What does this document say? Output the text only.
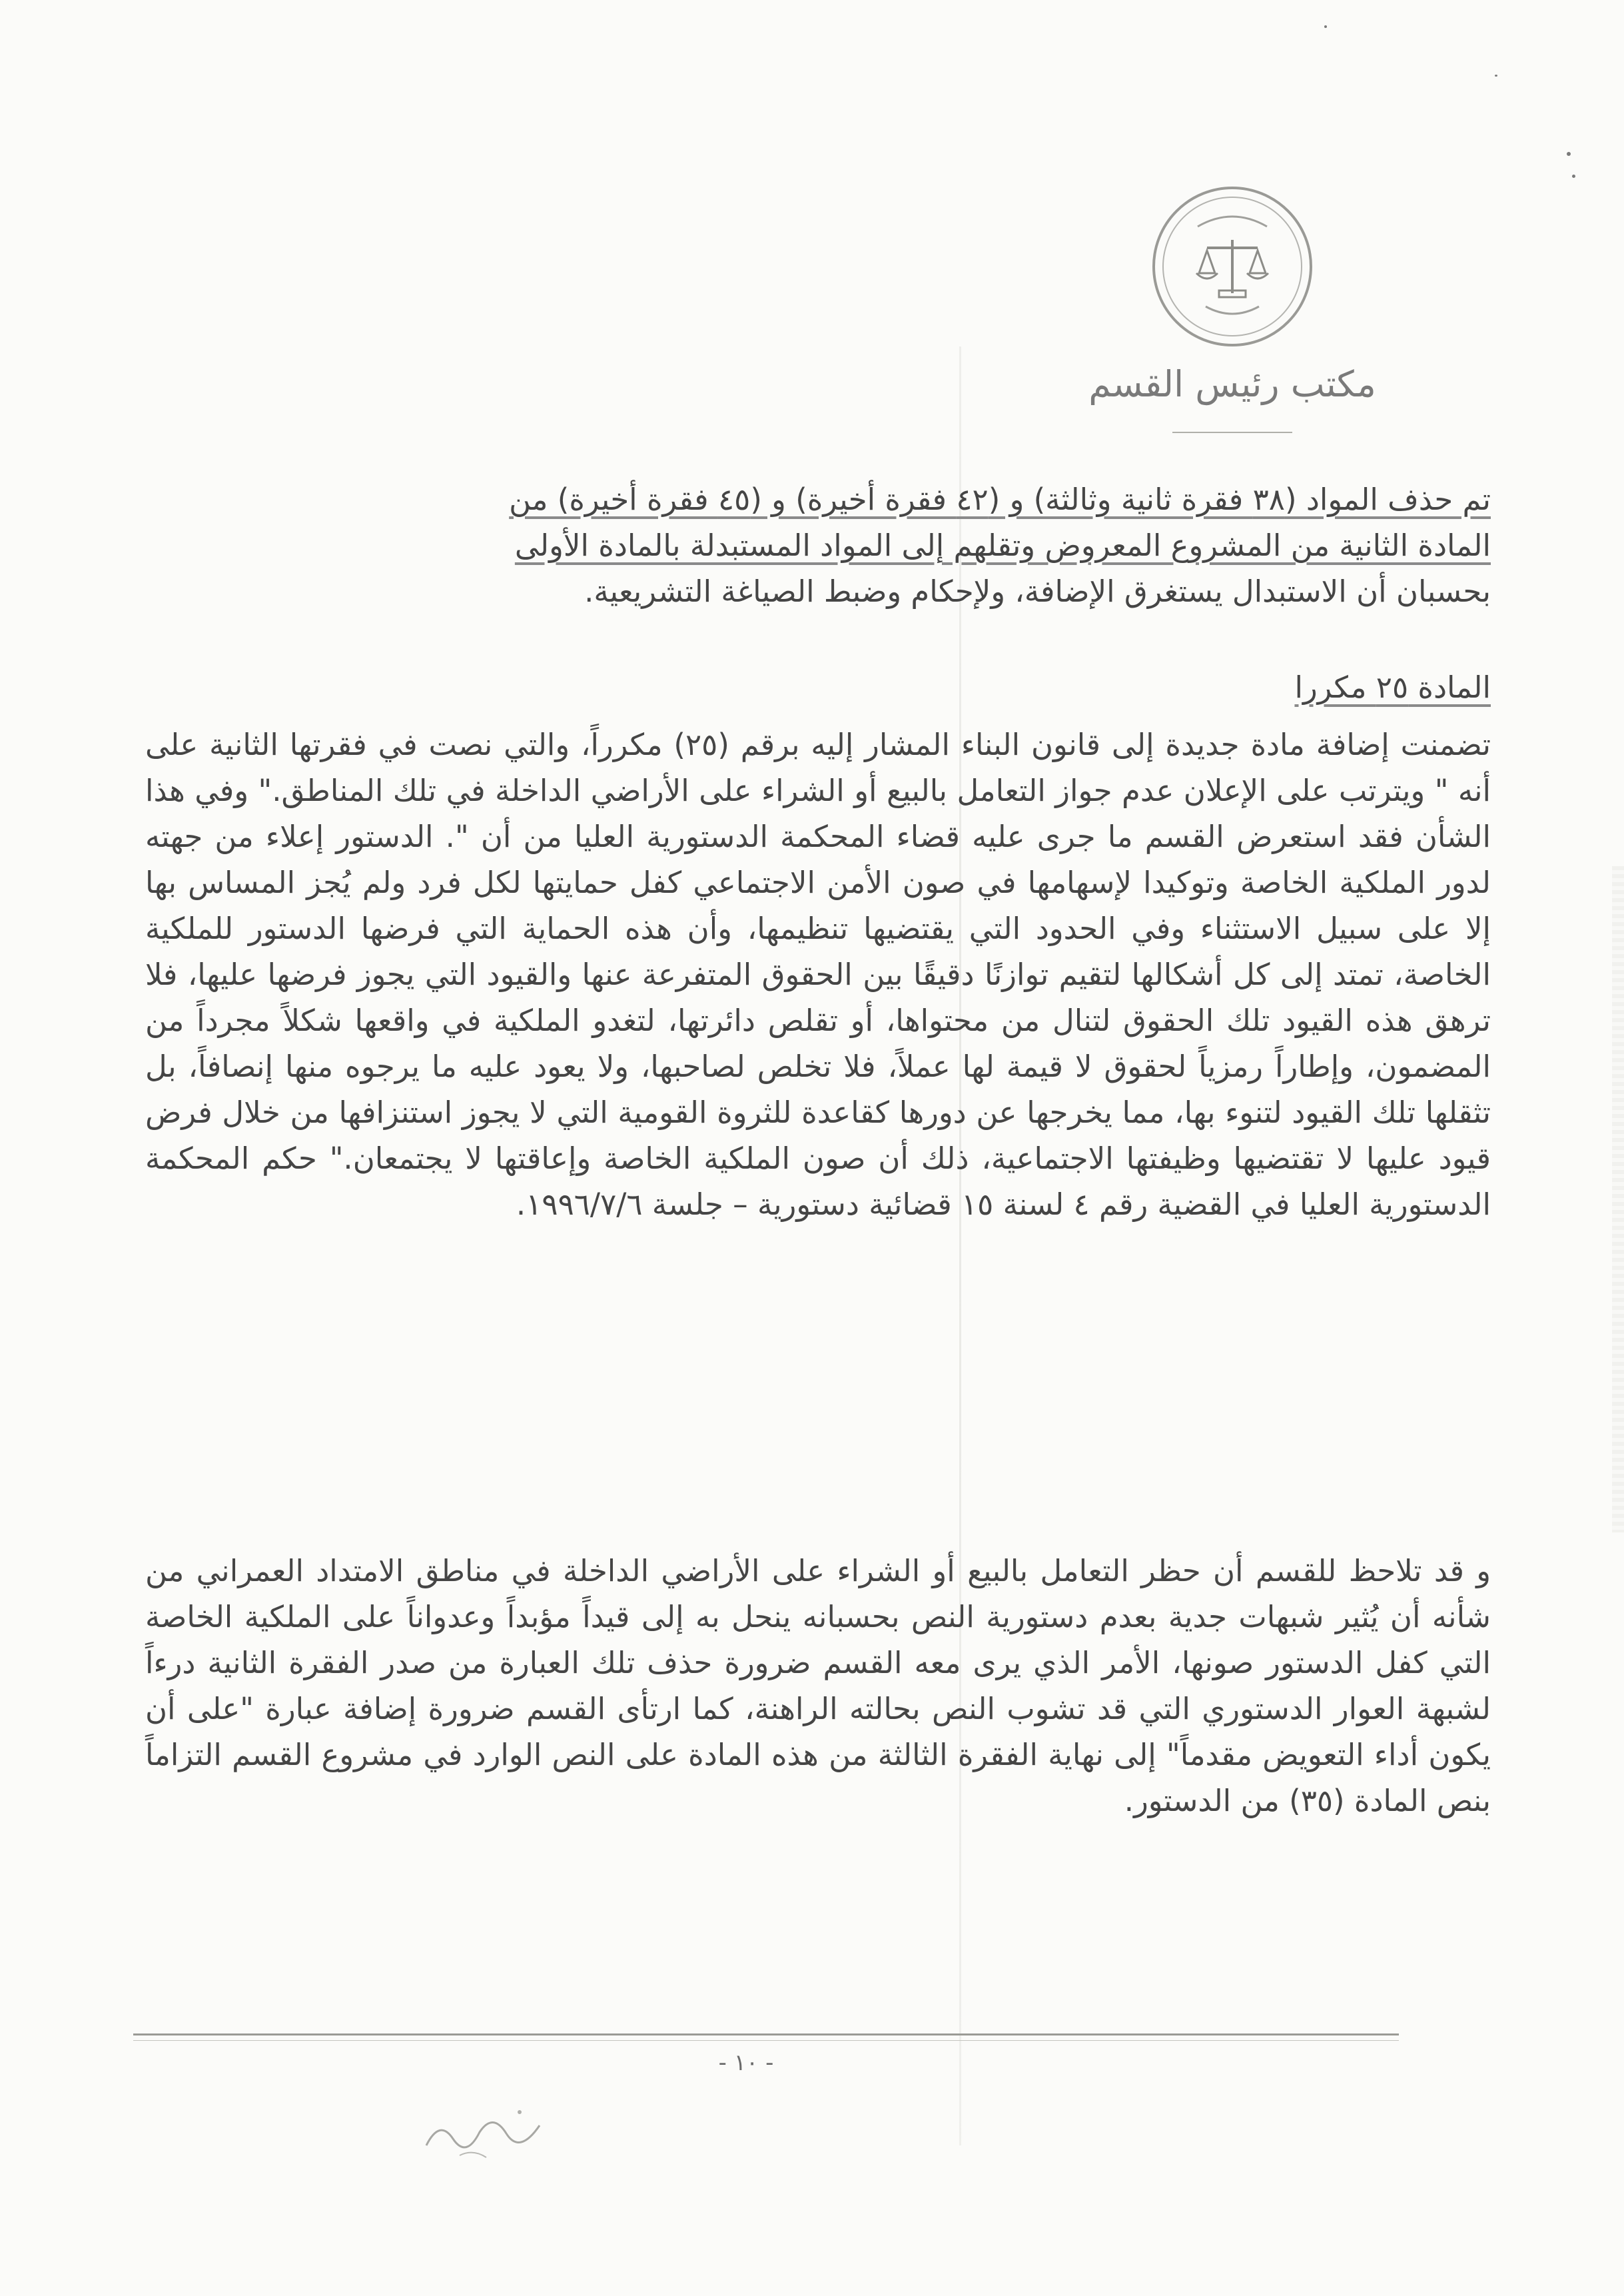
مكتب رئيس القسم
تم حذف المواد (٣٨ فقرة ثانية وثالثة) و (٤٢ فقرة أخيرة) و (٤٥ فقرة أخيرة) من
المادة الثانية من المشروع المعروض وتقلهم إلى المواد المستبدلة بالمادة الأولى
بحسبان أن الاستبدال يستغرق الإضافة، ولإحكام وضبط الصياغة التشريعية.
المادة ٢٥ مكررا
تضمنت إضافة مادة جديدة إلى قانون البناء المشار إليه برقم (٢٥) مكرراً، والتي نصت في فقرتها الثانية على أنه " ويترتب على الإعلان عدم جواز التعامل بالبيع أو الشراء على الأراضي الداخلة في تلك المناطق." وفي هذا الشأن فقد استعرض القسم ما جرى عليه قضاء المحكمة الدستورية العليا من أن ". الدستور إعلاء من جهته لدور الملكية الخاصة وتوكيدا لإسهامها في صون الأمن الاجتماعي كفل حمايتها لكل فرد ولم يُجز المساس بها إلا على سبيل الاستثناء وفي الحدود التي يقتضيها تنظيمها، وأن هذه الحماية التي فرضها الدستور للملكية الخاصة، تمتد إلى كل أشكالها لتقيم توازنًا دقيقًا بين الحقوق المتفرعة عنها والقيود التي يجوز فرضها عليها، فلا ترهق هذه القيود تلك الحقوق لتنال من محتواها، أو تقلص دائرتها، لتغدو الملكية في واقعها شكلاً مجرداً من المضمون، وإطاراً رمزياً لحقوق لا قيمة لها عملاً، فلا تخلص لصاحبها، ولا يعود عليه ما يرجوه منها إنصافاً، بل تثقلها تلك القيود لتنوء بها، مما يخرجها عن دورها كقاعدة للثروة القومية التي لا يجوز استنزافها من خلال فرض قيود عليها لا تقتضيها وظيفتها الاجتماعية، ذلك أن صون الملكية الخاصة وإعاقتها لا يجتمعان." حكم المحكمة الدستورية العليا في القضية رقم ٤ لسنة ١٥ قضائية دستورية – جلسة ١٩٩٦/٧/٦.
و قد تلاحظ للقسم أن حظر التعامل بالبيع أو الشراء على الأراضي الداخلة في مناطق الامتداد العمراني من شأنه أن يُثير شبهات جدية بعدم دستورية النص بحسبانه ينحل به إلى قيداً مؤبداً وعدواناً على الملكية الخاصة التي كفل الدستور صونها، الأمر الذي يرى معه القسم ضرورة حذف تلك العبارة من صدر الفقرة الثانية درءاً لشبهة العوار الدستوري التي قد تشوب النص بحالته الراهنة، كما ارتأى القسم ضرورة إضافة عبارة "على أن يكون أداء التعويض مقدماً" إلى نهاية الفقرة الثالثة من هذه المادة على النص الوارد في مشروع القسم التزاماً بنص المادة (٣٥) من الدستور.
- ١٠ -
